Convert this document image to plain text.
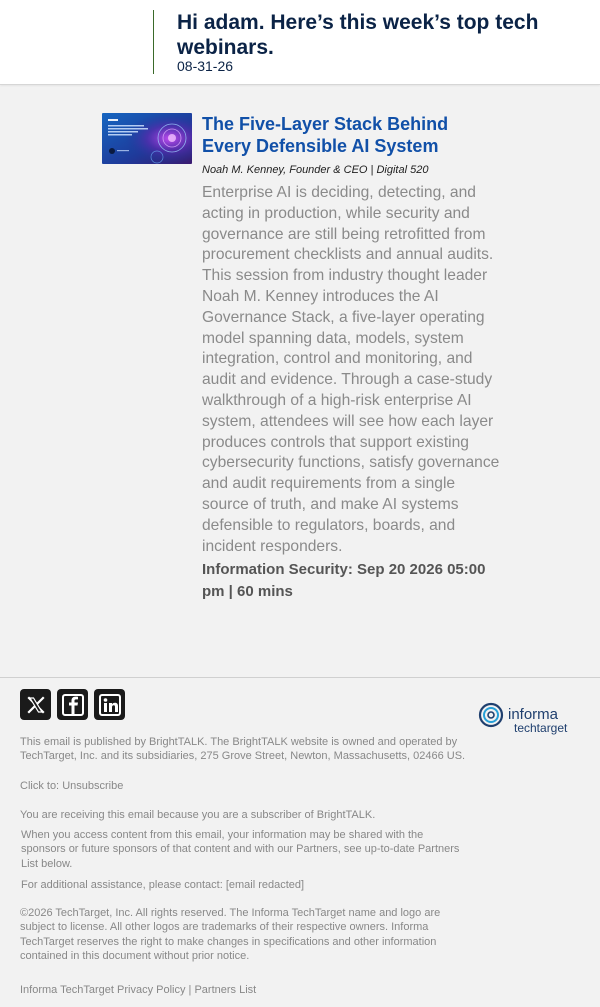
Hi adam. Here’s this week’s top tech webinars.
08-31-26
The Five-Layer Stack Behind Every Defensible AI System
Noah M. Kenney, Founder & CEO | Digital 520
Enterprise AI is deciding, detecting, and acting in production, while security and governance are still being retrofitted from procurement checklists and annual audits. This session from industry thought leader Noah M. Kenney introduces the AI Governance Stack, a five-layer operating model spanning data, models, system integration, control and monitoring, and audit and evidence. Through a case-study walkthrough of a high-risk enterprise AI system, attendees will see how each layer produces controls that support existing cybersecurity functions, satisfy governance and audit requirements from a single source of truth, and make AI systems defensible to regulators, boards, and incident responders.
Information Security: Sep 20 2026 05:00 pm | 60 mins
informa
techtarget
This email is published by BrightTALK. The BrightTALK website is owned and operated by TechTarget, Inc. and its subsidiaries, 275 Grove Street, Newton, Massachusetts, 02466 US.
Click to: Unsubscribe
You are receiving this email because you are a subscriber of BrightTALK.
When you access content from this email, your information may be shared with the sponsors or future sponsors of that content and with our Partners, see up-to-date Partners List below.
For additional assistance, please contact: [email redacted]
©2026 TechTarget, Inc. All rights reserved. The Informa TechTarget name and logo are subject to license. All other logos are trademarks of their respective owners. Informa TechTarget reserves the right to make changes in specifications and other information contained in this document without prior notice.
Informa TechTarget Privacy Policy | Partners List
